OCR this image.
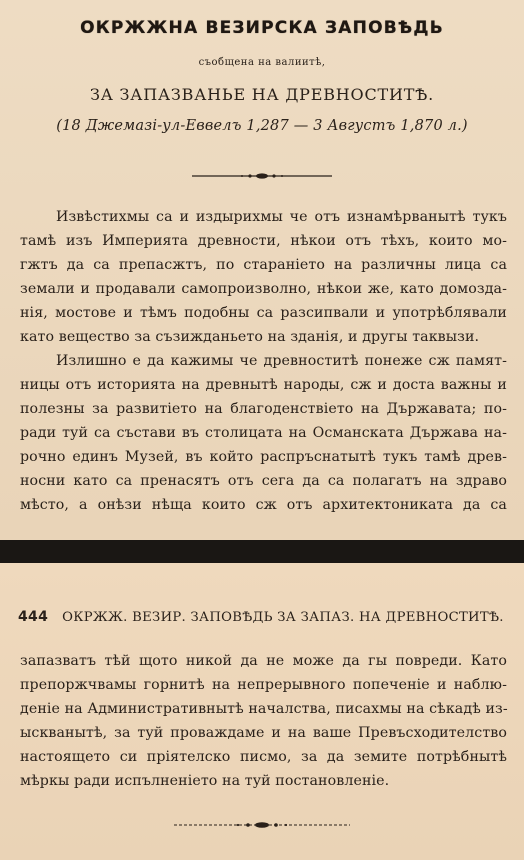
ОКРЖЖНА ВЕЗИРСКА ЗАПОВѢДЬ
съобщена на валиитѣ,
ЗА ЗАПАЗВАНЬЕ НА ДРЕВНОСТИТѢ.
(18 Джемазі-ул-Еввелъ 1,287 — 3 Августъ 1,870 л.)
Извѣстихмы са и издырихмы че отъ изнамѣрванытѣ тукъ
тамѣ изъ Империята древности, нѣкои отъ тѣхъ, които мо-
гжтъ да са препасжтъ, по стараніето на различны лица са
земали и продавали самопроизволно, нѣкои же, като домозда-
нія, мостове и тѣмъ подобны са разсипвали и употрѣблявали
като вещество за съзижданьето на зданія, и другы таквызи.
Излишно е да кажимы че древноститѣ понеже сж памят-
ницы отъ историята на древнытѣ народы, сж и доста важны и
полезны за развитіето на благоденствіето на Държавата; по-
ради туй са състави въ столицата на Османската Държава на-
рочно единъ Музей, въ който распръснатытѣ тукъ тамѣ древ-
носни като са пренасятъ отъ сега да са полагатъ на здраво
мѣсто, а онѣзи нѣща които сж отъ архитектониката да са
444 ОКРЖЖ. ВЕЗИР. ЗАПОВѢДЬ ЗА ЗАПАЗ. НА ДРЕВНОСТИТѢ.
запазватъ тѣй щото никой да не може да гы повреди. Като
препоржчвамы горнитѣ на непрерывного попеченіе и наблю-
деніе на Административнытѣ началства, писахмы на сѣкадѣ из-
ыскванытѣ, за туй проваждаме и на ваше Превъсходителство
настоящето си пріятелско писмо, за да земите потрѣбнытѣ
мѣркы ради испълненіето на туй постановленіе.
